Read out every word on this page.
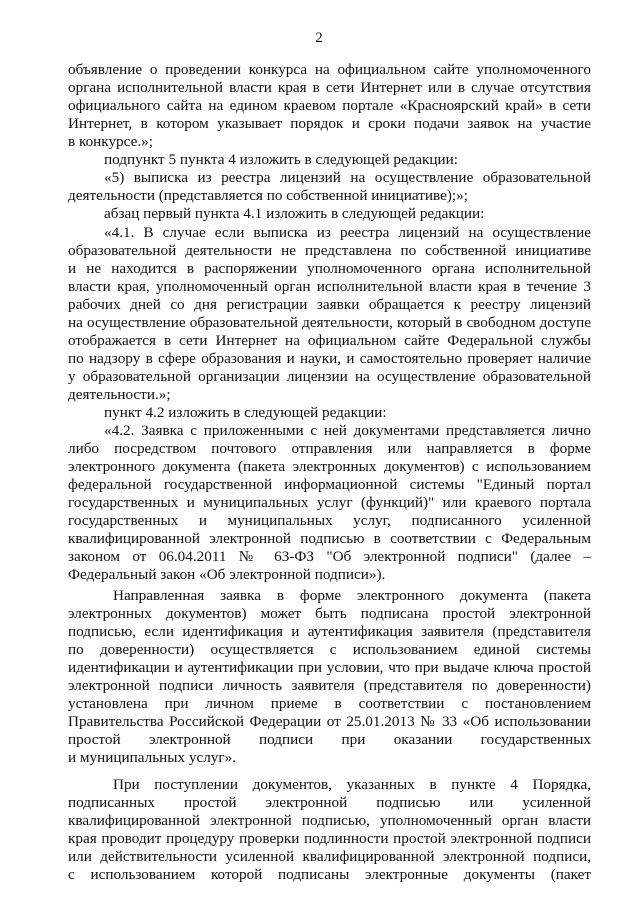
2
объявление о проведении конкурса на официальном сайте уполномоченного
органа исполнительной власти края в сети Интернет или в случае отсутствия
официального сайта на едином краевом портале «Красноярский край» в сети
Интернет, в котором указывает порядок и сроки подачи заявок на участие
в конкурсе.»;
подпункт 5 пункта 4 изложить в следующей редакции:
«5) выписка из реестра лицензий на осуществление образовательной
деятельности (представляется по собственной инициативе);»;
абзац первый пункта 4.1 изложить в следующей редакции:
«4.1. В случае если выписка из реестра лицензий на осуществление
образовательной деятельности не представлена по собственной инициативе
и не находится в распоряжении уполномоченного органа исполнительной
власти края, уполномоченный орган исполнительной власти края в течение 3
рабочих дней со дня регистрации заявки обращается к реестру лицензий
на осуществление образовательной деятельности, который в свободном доступе
отображается в сети Интернет на официальном сайте Федеральной службы
по надзору в сфере образования и науки, и самостоятельно проверяет наличие
у образовательной организации лицензии на осуществление образовательной
деятельности.»;
пункт 4.2 изложить в следующей редакции:
«4.2. Заявка с приложенными с ней документами представляется лично
либо посредством почтового отправления или направляется в форме
электронного документа (пакета электронных документов) с использованием
федеральной государственной информационной системы "Единый портал
государственных и муниципальных услуг (функций)" или краевого портала
государственных и муниципальных услуг, подписанного усиленной
квалифицированной электронной подписью в соответствии с Федеральным
законом от 06.04.2011 № 63-ФЗ "Об электронной подписи" (далее –
Федеральный закон «Об электронной подписи»).
Направленная заявка в форме электронного документа (пакета
электронных документов) может быть подписана простой электронной
подписью, если идентификация и аутентификация заявителя (представителя
по доверенности) осуществляется с использованием единой системы
идентификации и аутентификации при условии, что при выдаче ключа простой
электронной подписи личность заявителя (представителя по доверенности)
установлена при личном приеме в соответствии с постановлением
Правительства Российской Федерации от 25.01.2013 № 33 «Об использовании
простой электронной подписи при оказании государственных
и муниципальных услуг».
При поступлении документов, указанных в пункте 4 Порядка,
подписанных простой электронной подписью или усиленной
квалифицированной электронной подписью, уполномоченный орган власти
края проводит процедуру проверки подлинности простой электронной подписи
или действительности усиленной квалифицированной электронной подписи,
с использованием которой подписаны электронные документы (пакет
